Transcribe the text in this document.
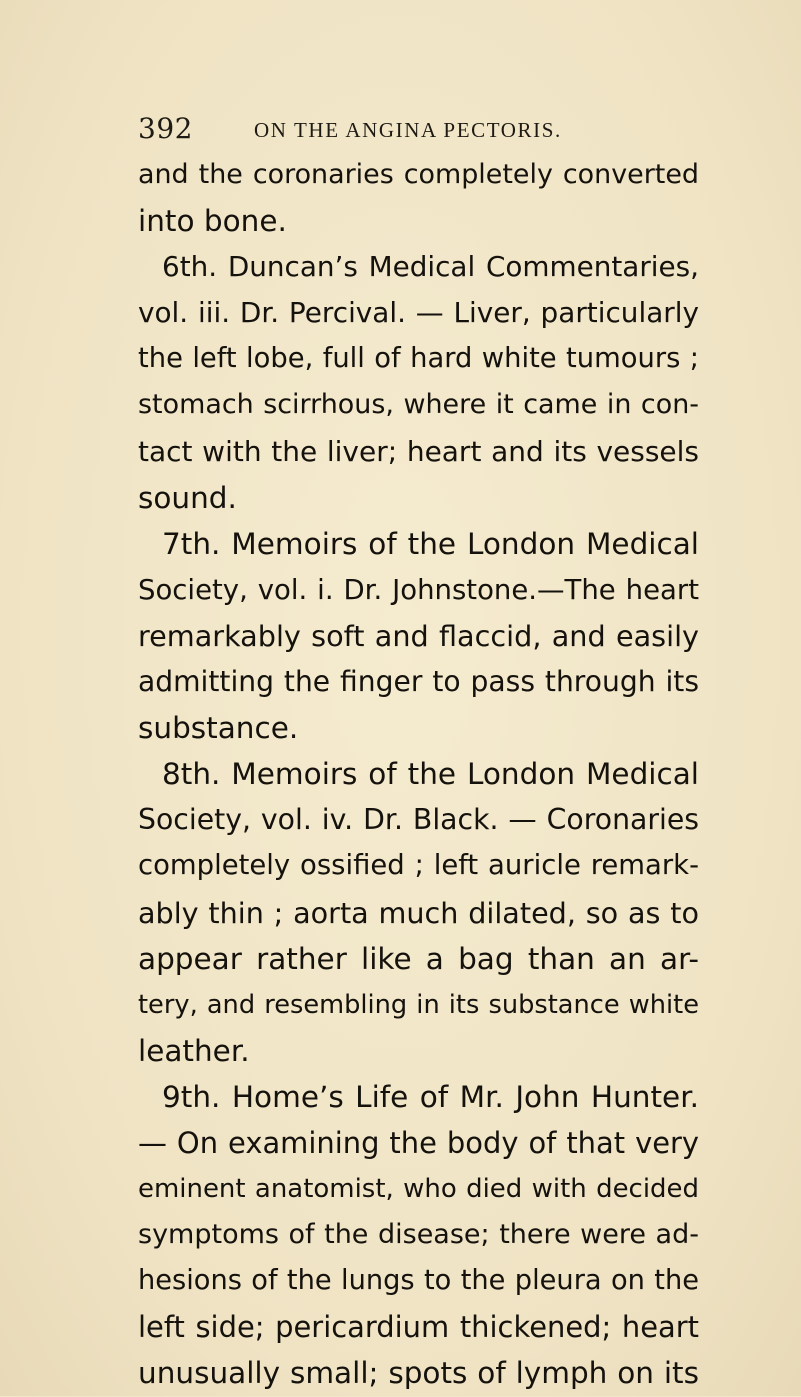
392	ON THE ANGINA PECTORIS.
and the coronaries completely converted
into bone.
6th. Duncan’s Medical Commentaries,
vol. iii. Dr. Percival. — Liver, particularly
the left lobe, full of hard white tumours ;
stomach scirrhous, where it came in con-
tact with the liver; heart and its vessels
sound.
7th. Memoirs of the London Medical
Society, vol. i. Dr. Johnstone.—The heart
remarkably soft and flaccid, and easily
admitting the finger to pass through its
substance.
8th. Memoirs of the London Medical
Society, vol. iv. Dr. Black. — Coronaries
completely ossified ; left auricle remark-
ably thin ; aorta much dilated, so as to
appear rather like a bag than an ar-
tery, and resembling in its substance white
leather.
9th. Home’s Life of Mr. John Hunter.
— On examining the body of that very
eminent anatomist, who died with decided
symptoms of the disease; there were ad-
hesions of the lungs to the pleura on the
left side; pericardium thickened; heart
unusually small; spots of lymph on its
